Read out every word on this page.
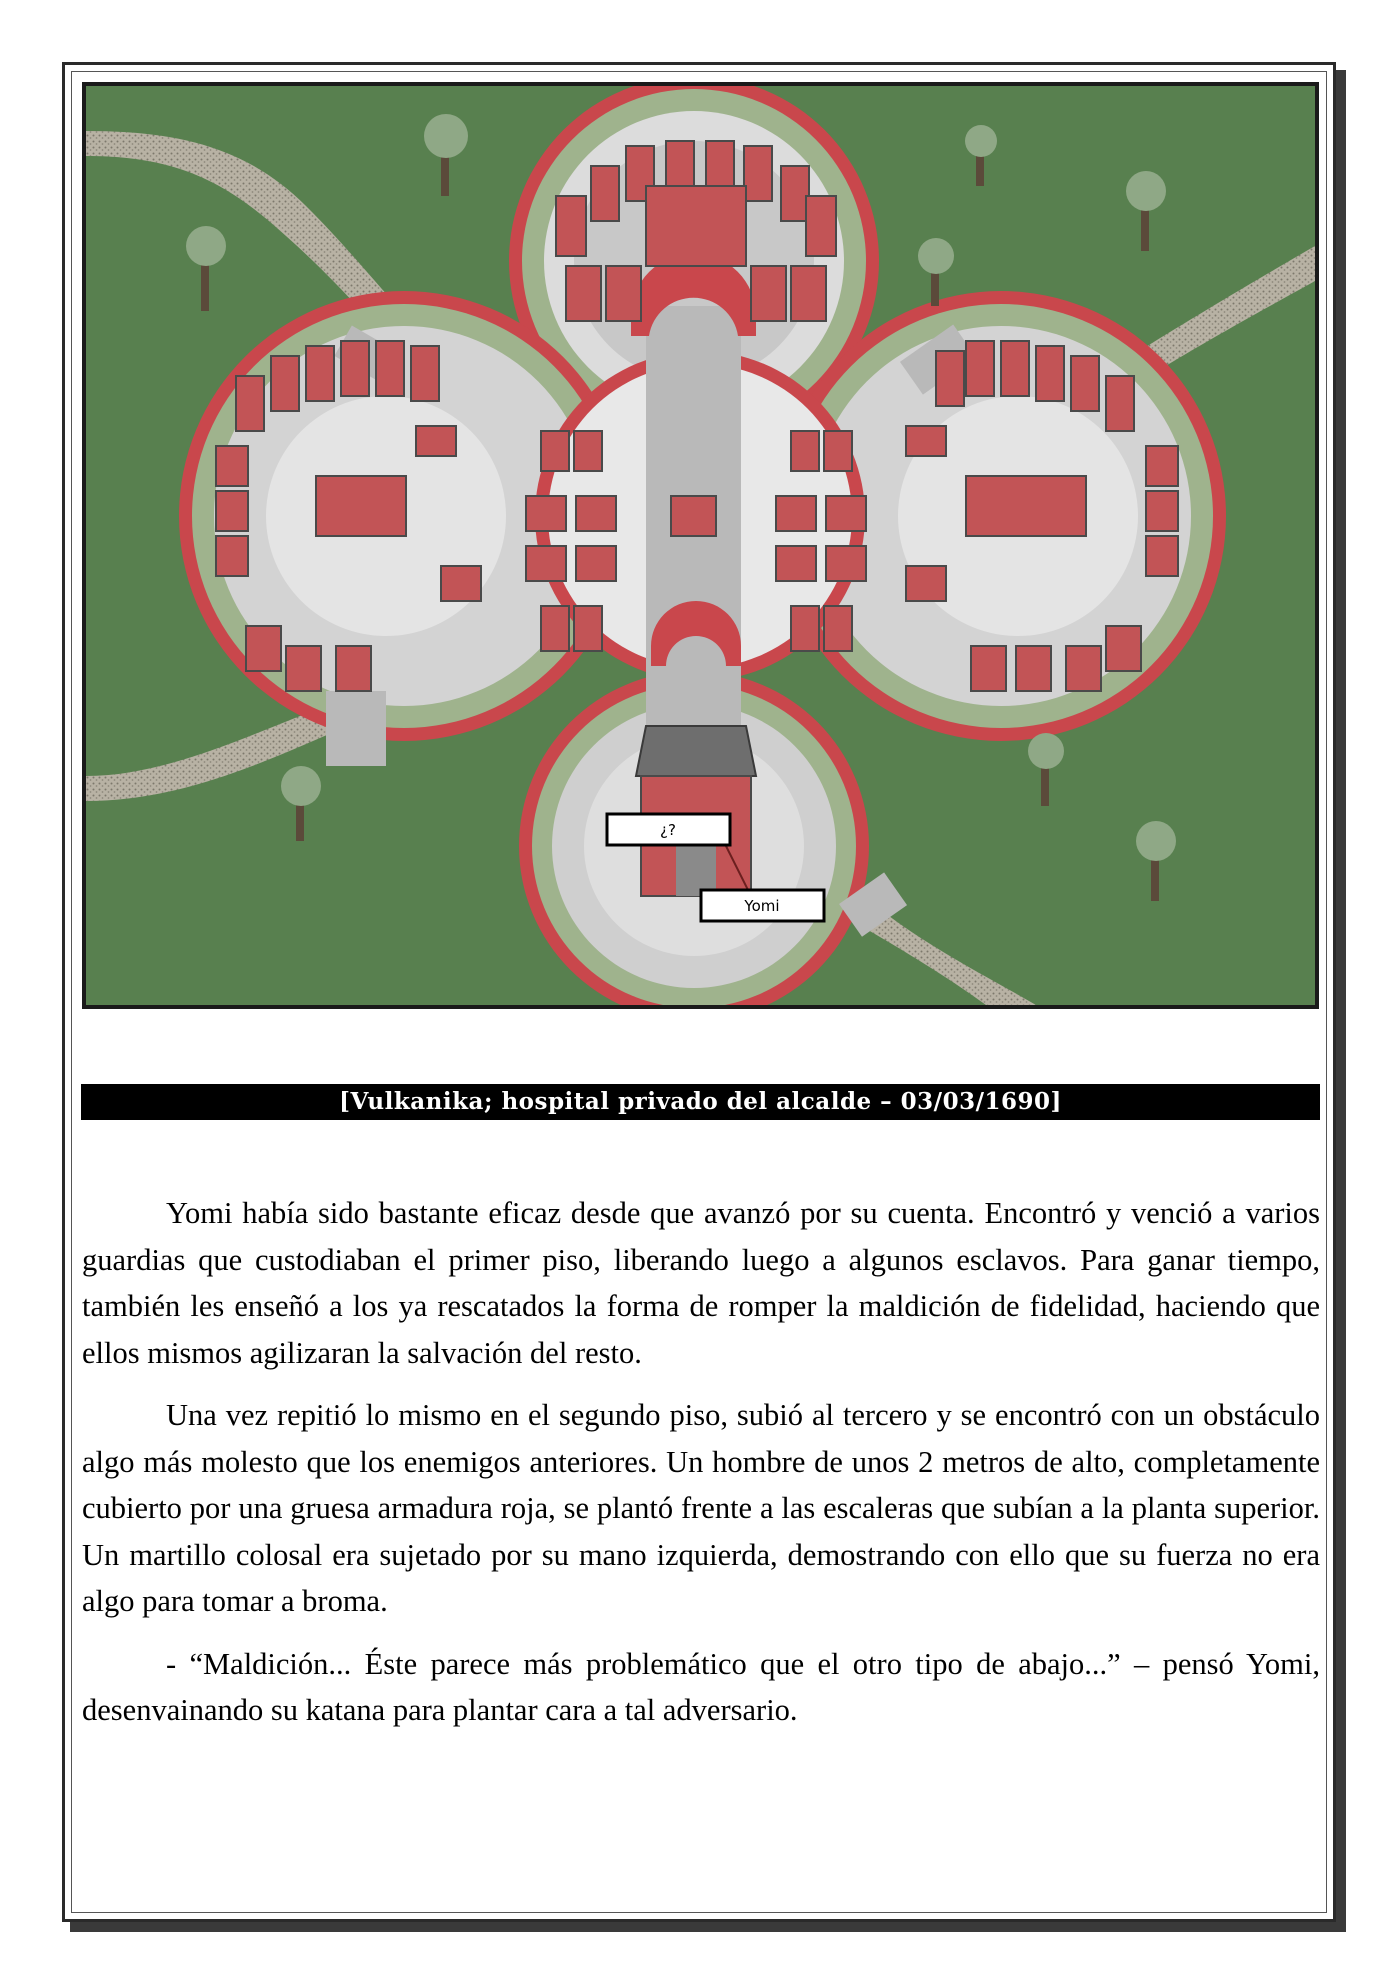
¿?
Yomi
[Vulkanika; hospital privado del alcalde – 03/03/1690]

Yomi había sido bastante eficaz desde que avanzó por su cuenta. Encontró y venció a varios guardias que custodiaban el primer piso, liberando luego a algunos esclavos. Para ganar tiempo, también les enseñó a los ya rescatados la forma de romper la maldición de fidelidad, haciendo que ellos mismos agilizaran la salvación del resto.

Una vez repitió lo mismo en el segundo piso, subió al tercero y se encontró con un obstáculo algo más molesto que los enemigos anteriores. Un hombre de unos 2 metros de alto, completamente cubierto por una gruesa armadura roja, se plantó frente a las escaleras que subían a la planta superior. Un martillo colosal era sujetado por su mano izquierda, demostrando con ello que su fuerza no era algo para tomar a broma.

- “Maldición... Éste parece más problemático que el otro tipo de abajo...” – pensó Yomi, desenvainando su katana para plantar cara a tal adversario.
